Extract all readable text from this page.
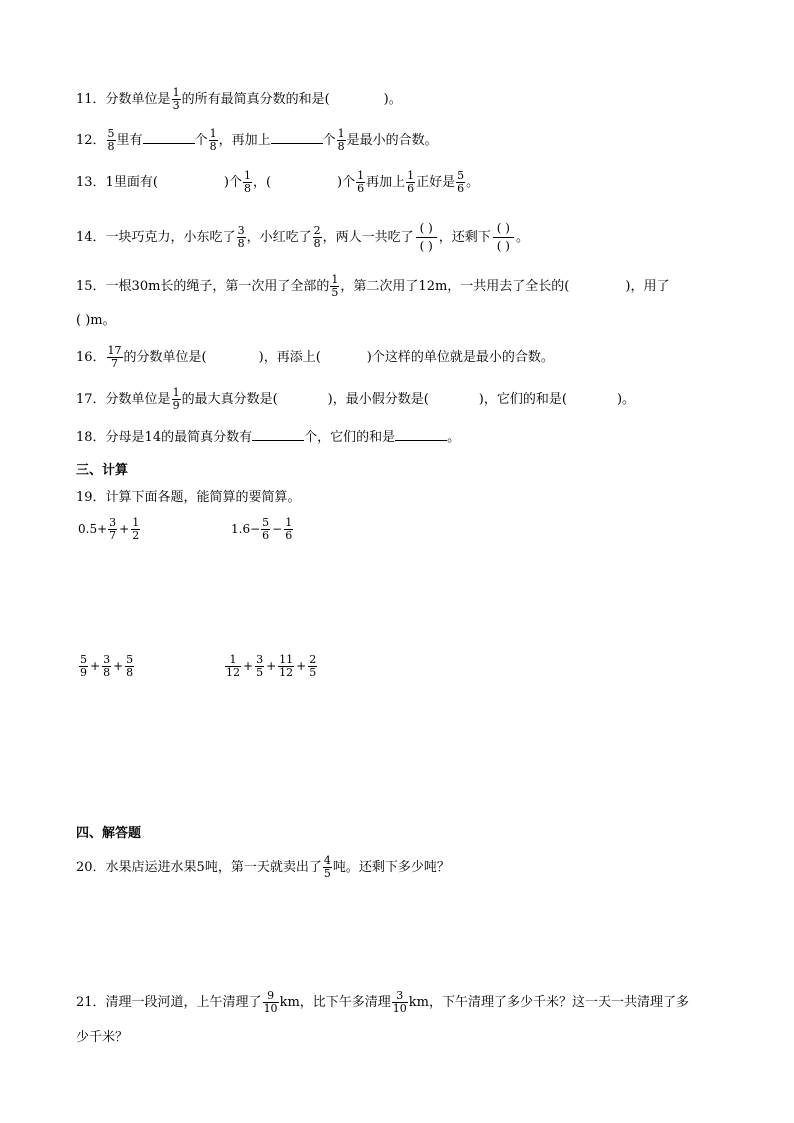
11．分数单位是 $\frac{1}{3}$ 的所有最简真分数的和是(	)。
12． $\frac{5}{8}$ 里有	个 $\frac{1}{8}$ ，再加上	个 $\frac{1}{8}$ 是最小的合数。
13．1里面有(	)个 $\frac{1}{8}$ ，(	)个 $\frac{1}{6}$ 再加上 $\frac{1}{6}$ 正好是 $\frac{5}{6}$ 。
14．一块巧克力，小东吃了 $\frac{3}{8}$ ，小红吃了 $\frac{2}{8}$ ，两人一共吃了
( )
( )
，还剩下
( )
( )
。
15．一根30m长的绳子，第一次用了全部的 $\frac{1}{5}$ ，第二次用了12m，一共用去了全长的(	)，用了
( )m。
16． $\frac{17}{7}$ 的分数单位是(	)，再添上(	)个这样的单位就是最小的合数。
17．分数单位是 $\frac{1}{9}$ 的最大真分数是(	)，最小假分数是(	)，它们的和是(	)。
18．分母是14的最简真分数有	个，它们的和是	。
三、计算
19．计算下面各题，能简算的要简算。
$0.5+ \frac{3}{7} + \frac{1}{2}$	$1.6- \frac{5}{6} - \frac{1}{6}$
$\frac{5}{9} + \frac{3}{8} + \frac{5}{8}$	$\frac{1}{12} + \frac{3}{5} + \frac{11}{12} + \frac{2}{5}$
四、解答题
20．水果店运进水果5吨，第一天就卖出了 $\frac{4}{5}$ 吨。还剩下多少吨？
21．清理一段河道，上午清理了 $\frac{9}{10}$ km，比下午多清理 $\frac{3}{10}$ km，下午清理了多少千米？这一天一共清理了多
少千米？
